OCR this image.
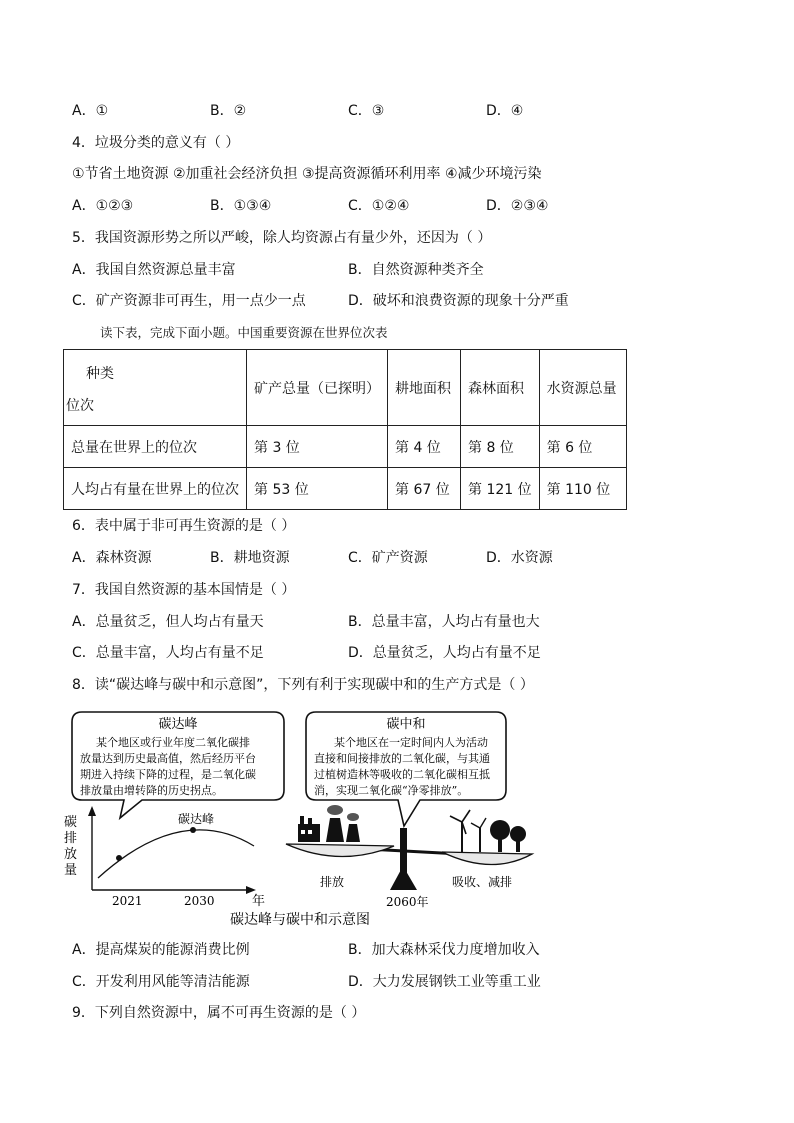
A．①	B．②	C．③	D．④
4．垃圾分类的意义有（ ）
①节省土地资源 ②加重社会经济负担 ③提高资源循环利用率 ④减少环境污染
A．①②③	B．①③④	C．①②④	D．②③④
5．我国资源形势之所以严峻，除人均资源占有量少外，还因为（ ）
A．我国自然资源总量丰富	B．自然资源种类齐全
C．矿产资源非可再生，用一点少一点	D．破坏和浪费资源的现象十分严重
读下表，完成下面小题。中国重要资源在世界位次表
种类
位次	矿产总量（已探明）	耕地面积	森林面积	水资源总量
总量在世界上的位次	第 3 位	第 4 位	第 8 位	第 6 位
人均占有量在世界上的位次	第 53 位	第 67 位	第 121 位	第 110 位
6．表中属于非可再生资源的是（ ）
A．森林资源	B．耕地资源	C．矿产资源	D．水资源
7．我国自然资源的基本国情是（ ）
A．总量贫乏，但人均占有量天	B．总量丰富，人均占有量也大
C．总量丰富，人均占有量不足	D．总量贫乏，人均占有量不足
8．读“碳达峰与碳中和示意图”，下列有利于实现碳中和的生产方式是（ ）
碳达峰
某个地区或行业年度二氧化碳排
放量达到历史最高值，然后经历平台
期进入持续下降的过程，是二氧化碳
排放量由增转降的历史拐点。
碳中和
某个地区在一定时间内人为活动
直接和间接排放的二氧化碳，与其通
过植树造林等吸收的二氧化碳相互抵
消，实现二氧化碳“净零排放”。
碳
排
放
量
碳达峰
2021	2030	年
排放	吸收、减排
2060年
碳达峰与碳中和示意图
A．提高煤炭的能源消费比例	B．加大森林采伐力度增加收入
C．开发利用风能等清洁能源	D．大力发展钢铁工业等重工业
9．下列自然资源中，属不可再生资源的是（ ）
